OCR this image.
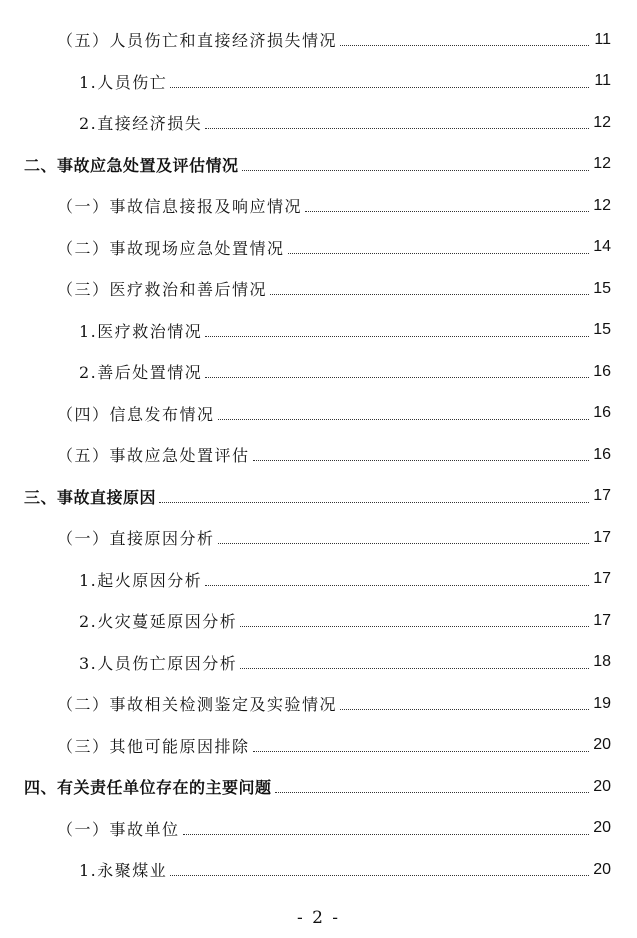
（五）人员伤亡和直接经济损失情况	11
1.人员伤亡	11
2.直接经济损失	12
二、事故应急处置及评估情况	12
（一）事故信息接报及响应情况	12
（二）事故现场应急处置情况	14
（三）医疗救治和善后情况	15
1.医疗救治情况	15
2.善后处置情况	16
（四）信息发布情况	16
（五）事故应急处置评估	16
三、事故直接原因	17
（一）直接原因分析	17
1.起火原因分析	17
2.火灾蔓延原因分析	17
3.人员伤亡原因分析	18
（二）事故相关检测鉴定及实验情况	19
（三）其他可能原因排除	20
四、有关责任单位存在的主要问题	20
（一）事故单位	20
1.永聚煤业	20
- 2 -
